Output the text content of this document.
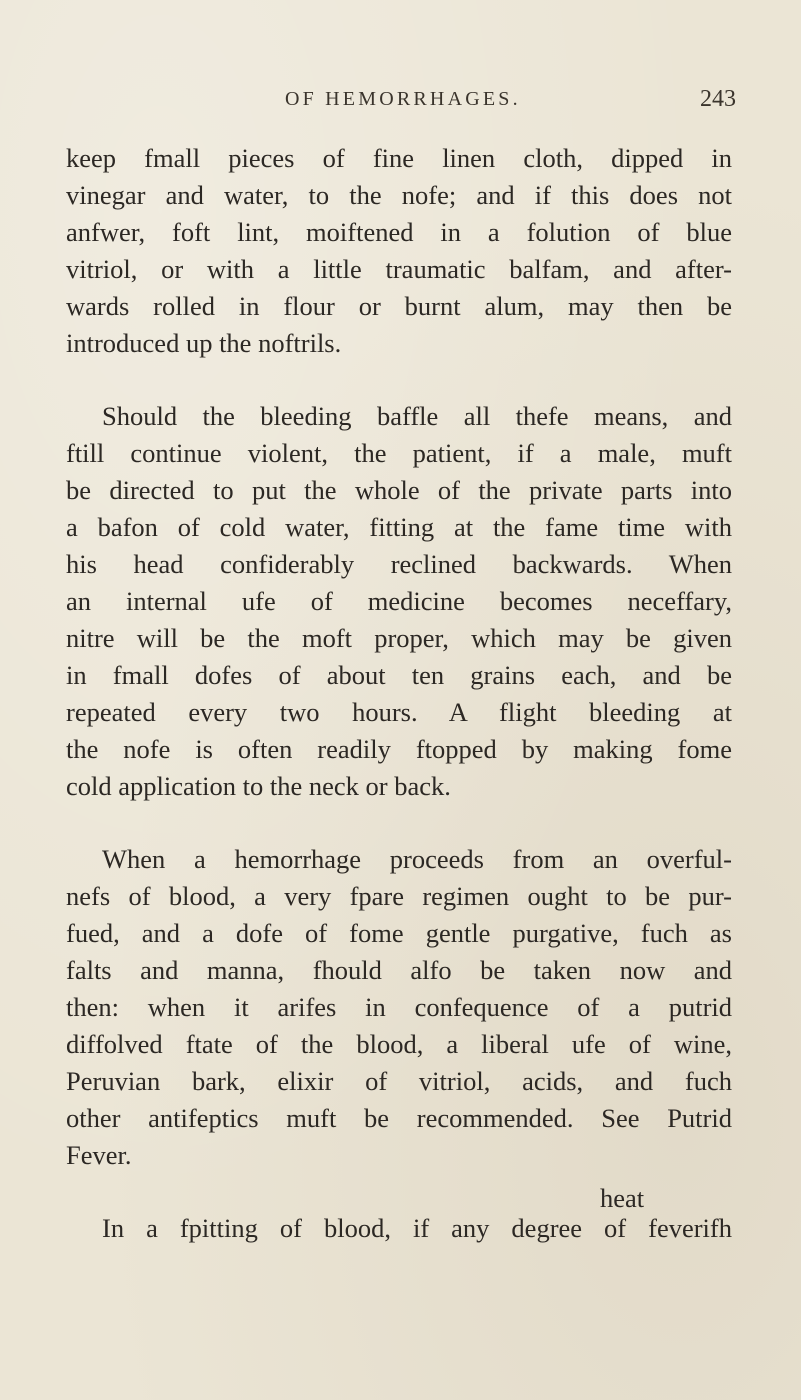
OF HEMORRHAGES.	243
keep fmall pieces of fine linen cloth, dipped in
vinegar and water, to the nofe; and if this does not
anfwer, foft lint, moiftened in a folution of blue
vitriol, or with a little traumatic balfam, and after-
wards rolled in flour or burnt alum, may then be
introduced up the noftrils.
Should the bleeding baffle all thefe means, and
ftill continue violent, the patient, if a male, muft
be directed to put the whole of the private parts into
a bafon of cold water, fitting at the fame time with
his head confiderably reclined backwards. When
an internal ufe of medicine becomes neceffary,
nitre will be the moft proper, which may be given
in fmall dofes of about ten grains each, and be
repeated every two hours. A flight bleeding at
the nofe is often readily ftopped by making fome
cold application to the neck or back.
When a hemorrhage proceeds from an overful-
nefs of blood, a very fpare regimen ought to be pur-
fued, and a dofe of fome gentle purgative, fuch as
falts and manna, fhould alfo be taken now and
then: when it arifes in confequence of a putrid
diffolved ftate of the blood, a liberal ufe of wine,
Peruvian bark, elixir of vitriol, acids, and fuch
other antifeptics muft be recommended. See Putrid
Fever.
In a fpitting of blood, if any degree of feverifh
heat
